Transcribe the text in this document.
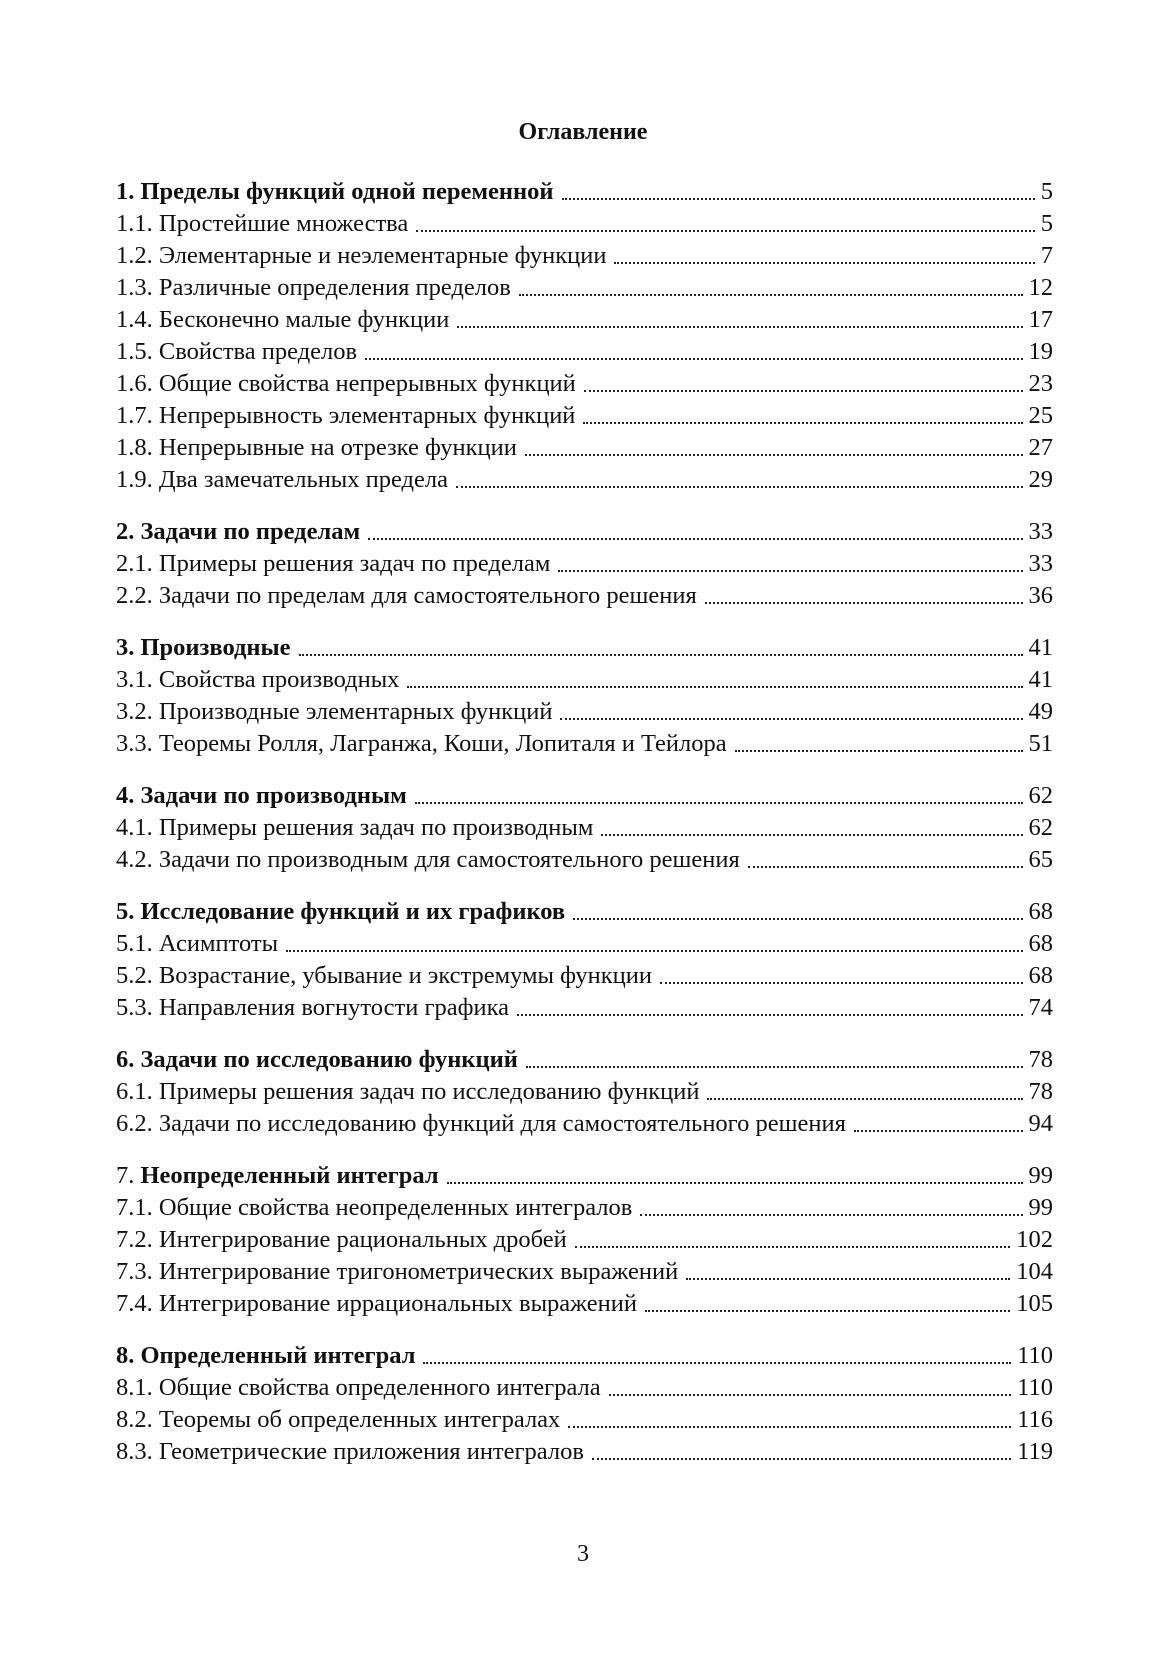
Оглавление
1. Пределы функций одной переменной	5
1.1. Простейшие множества	5
1.2. Элементарные и неэлементарные функции	7
1.3. Различные определения пределов	12
1.4. Бесконечно малые функции	17
1.5. Свойства пределов	19
1.6. Общие свойства непрерывных функций	23
1.7. Непрерывность элементарных функций	25
1.8. Непрерывные на отрезке функции	27
1.9. Два замечательных предела	29
2. Задачи по пределам	33
2.1. Примеры решения задач по пределам	33
2.2. Задачи по пределам для самостоятельного решения	36
3. Производные	41
3.1. Свойства производных	41
3.2. Производные элементарных функций	49
3.3. Теоремы Ролля, Лагранжа, Коши, Лопиталя и Тейлора	51
4. Задачи по производным	62
4.1. Примеры решения задач по производным	62
4.2. Задачи по производным для самостоятельного решения	65
5. Исследование функций и их графиков	68
5.1. Асимптоты	68
5.2. Возрастание, убывание и экстремумы функции	68
5.3. Направления вогнутости графика	74
6. Задачи по исследованию функций	78
6.1. Примеры решения задач по исследованию функций	78
6.2. Задачи по исследованию функций для самостоятельного решения	94
7. Неопределенный интеграл	99
7.1. Общие свойства неопределенных интегралов	99
7.2. Интегрирование рациональных дробей	102
7.3. Интегрирование тригонометрических выражений	104
7.4. Интегрирование иррациональных выражений	105
8. Определенный интеграл	110
8.1. Общие свойства определенного интеграла	110
8.2. Теоремы об определенных интегралах	116
8.3. Геометрические приложения интегралов	119
3
